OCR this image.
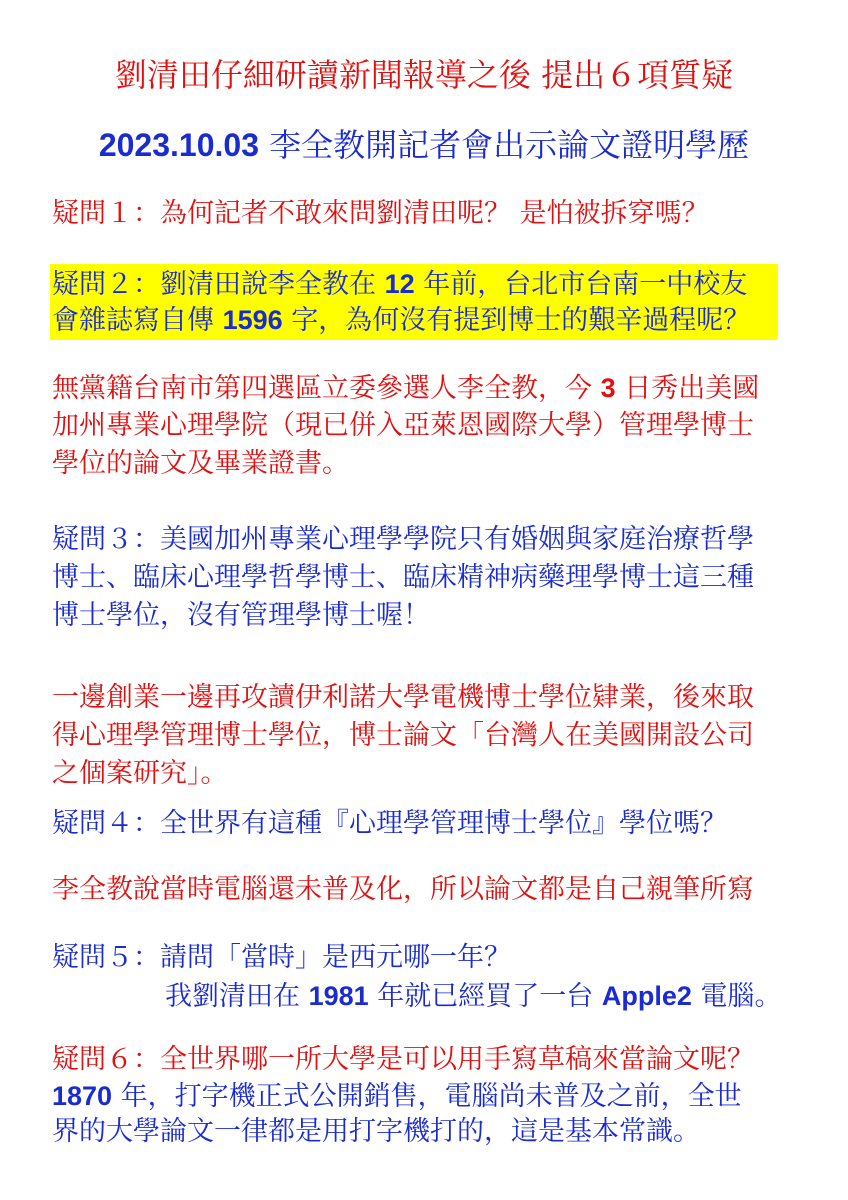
劉清田仔細研讀新聞報導之後 提出６項質疑
2023.10.03 李全教開記者會出示論文證明學歷
疑問１：為何記者不敢來問劉清田呢？ 是怕被拆穿嗎？
疑問２：劉清田說李全教在 12 年前，台北市台南一中校友
會雜誌寫自傳 1596 字，為何沒有提到博士的艱辛過程呢？
無黨籍台南市第四選區立委參選人李全教，今 3 日秀出美國
加州專業心理學院（現已併入亞萊恩國際大學）管理學博士
學位的論文及畢業證書。
疑問３：美國加州專業心理學學院只有婚姻與家庭治療哲學
博士、臨床心理學哲學博士、臨床精神病藥理學博士這三種
博士學位，沒有管理學博士喔！
一邊創業一邊再攻讀伊利諾大學電機博士學位肄業，後來取
得心理學管理博士學位，博士論文「台灣人在美國開設公司
之個案研究」。
疑問４：全世界有這種『心理學管理博士學位』學位嗎？
李全教說當時電腦還未普及化，所以論文都是自己親筆所寫
疑問５：請問「當時」是西元哪一年？
我劉清田在 1981 年就已經買了一台 Apple2 電腦。
疑問６：全世界哪一所大學是可以用手寫草稿來當論文呢？
1870 年，打字機正式公開銷售，電腦尚未普及之前，全世
界的大學論文一律都是用打字機打的，這是基本常識。
